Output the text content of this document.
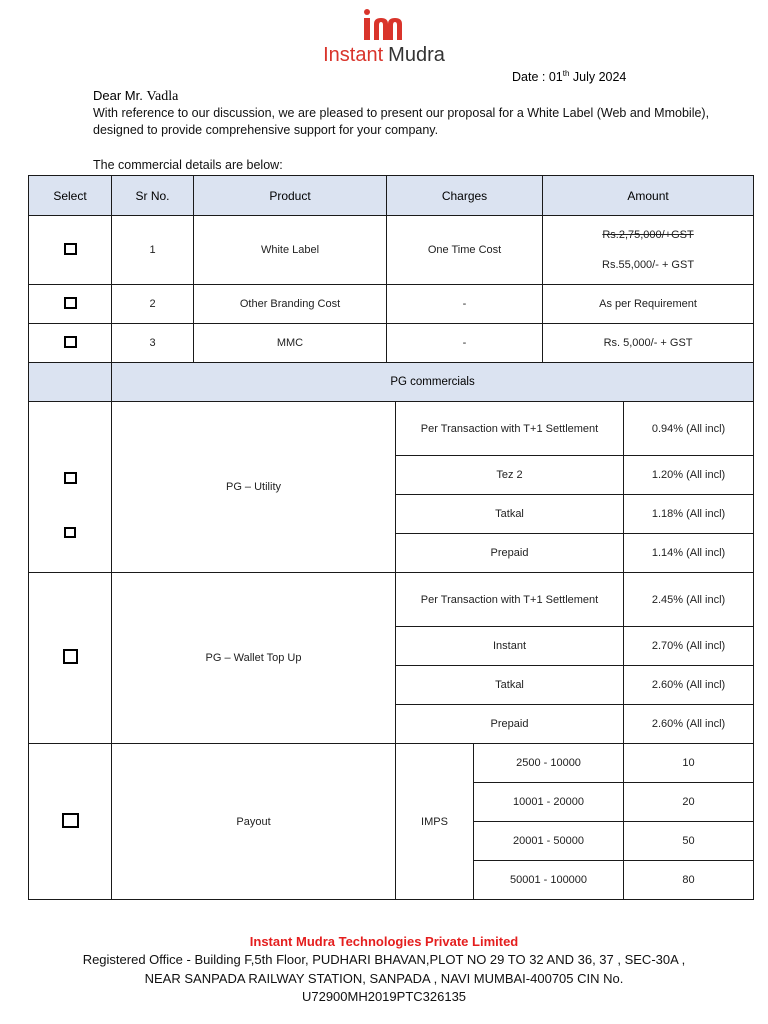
Instant Mudra
Date : 01th July 2024
Dear Mr. Vadla
With reference to our discussion, we are pleased to present our proposal for a White Label (Web and Mmobile), designed to provide comprehensive support for your company.
The commercial details are below:
Select	Sr No.	Product	Charges			Amount	
	1	White Label	One Time Cost			Rs.2,75,000/+GST
Rs.55,000/- + GST	

	2	Other Branding Cost	-			As per Requirement	
	3	MMC	-			Rs. 5,000/- + GST	
	PG commercials						

	PG – Utility			Per Transaction with T+1 Settlement			0.94% (All incl)
				Tez 2			1.20% (All incl)
				Tatkal			1.18% (All incl)
				Prepaid			1.14% (All incl)
	PG – Wallet Top Up			Per Transaction with T+1 Settlement			2.45% (All incl)
				Instant			2.70% (All incl)
				Tatkal			2.60% (All incl)
				Prepaid			2.60% (All incl)
	Payout			IMPS	2500 - 10000		10
					10001 - 20000		20
					20001 - 50000		50
					50001 - 100000		80
Instant Mudra Technologies Private Limited
Registered Office - Building F,5th Floor, PUDHARI BHAVAN,PLOT NO 29 TO 32 AND 36, 37 , SEC-30A , NEAR SANPADA RAILWAY STATION, SANPADA , NAVI MUMBAI-400705 CIN No. U72900MH2019PTC326135
